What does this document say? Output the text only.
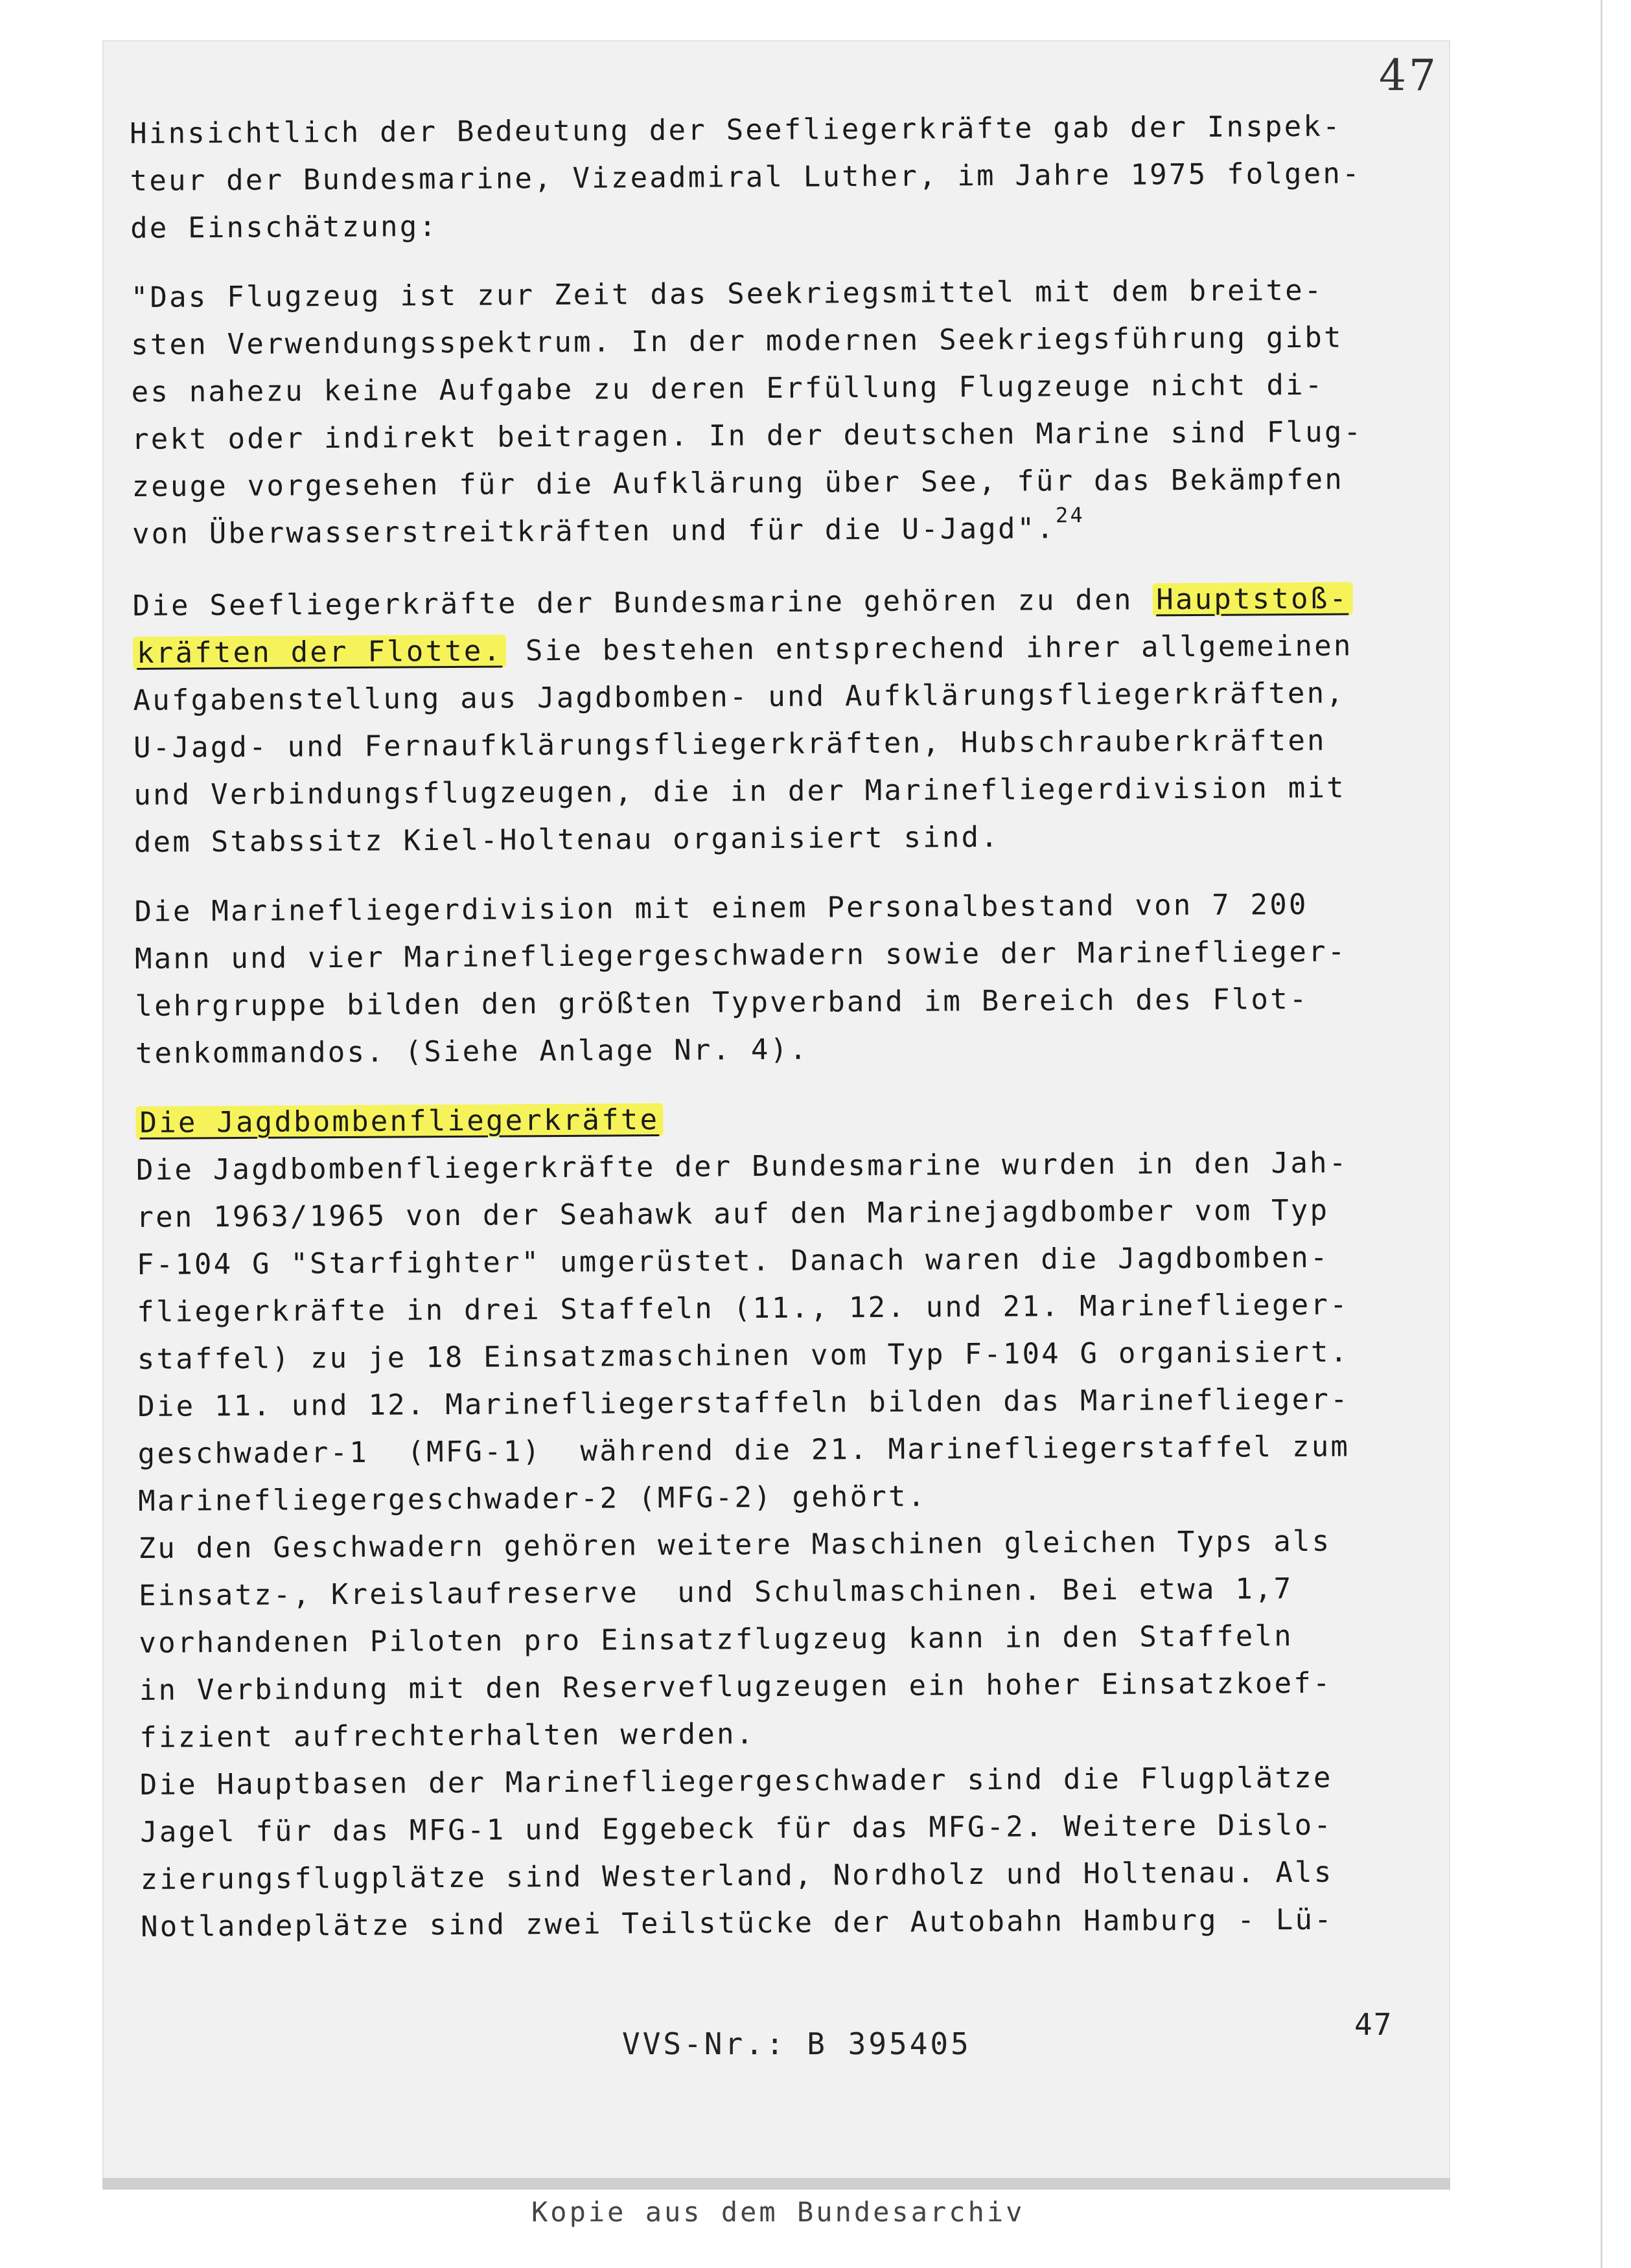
47
Hinsichtlich der Bedeutung der Seefliegerkräfte gab der Inspek-
teur der Bundesmarine, Vizeadmiral Luther, im Jahre 1975 folgen-
de Einschätzung:
"Das Flugzeug ist zur Zeit das Seekriegsmittel mit dem breite-
sten Verwendungsspektrum. In der modernen Seekriegsführung gibt
es nahezu keine Aufgabe zu deren Erfüllung Flugzeuge nicht di-
rekt oder indirekt beitragen. In der deutschen Marine sind Flug-
zeuge vorgesehen für die Aufklärung über See, für das Bekämpfen
von Überwasserstreitkräften und für die U-Jagd".$^{24}$
Die Seefliegerkräfte der Bundesmarine gehören zu den Hauptstoß-
kräften der Flotte. Sie bestehen entsprechend ihrer allgemeinen
Aufgabenstellung aus Jagdbomben- und Aufklärungsfliegerkräften,
U-Jagd- und Fernaufklärungsfliegerkräften, Hubschrauberkräften
und Verbindungsflugzeugen, die in der Marinefliegerdivision mit
dem Stabssitz Kiel-Holtenau organisiert sind.
Die Marinefliegerdivision mit einem Personalbestand von 7 200
Mann und vier Marinefliegergeschwadern sowie der Marineflieger-
lehrgruppe bilden den größten Typverband im Bereich des Flot-
tenkommandos. (Siehe Anlage Nr. 4).
Die Jagdbombenfliegerkräfte
Die Jagdbombenfliegerkräfte der Bundesmarine wurden in den Jah-
ren 1963/1965 von der Seahawk auf den Marinejagdbomber vom Typ
F-104 G "Starfighter" umgerüstet. Danach waren die Jagdbomben-
fliegerkräfte in drei Staffeln (11., 12. und 21. Marineflieger-
staffel) zu je 18 Einsatzmaschinen vom Typ F-104 G organisiert.
Die 11. und 12. Marinefliegerstaffeln bilden das Marineflieger-
geschwader-1  (MFG-1)  während die 21. Marinefliegerstaffel zum
Marinefliegergeschwader-2 (MFG-2) gehört.
Zu den Geschwadern gehören weitere Maschinen gleichen Typs als
Einsatz-, Kreislaufreserve  und Schulmaschinen. Bei etwa 1,7
vorhandenen Piloten pro Einsatzflugzeug kann in den Staffeln
in Verbindung mit den Reserveflugzeugen ein hoher Einsatzkoef-
fizient aufrechterhalten werden.
Die Hauptbasen der Marinefliegergeschwader sind die Flugplätze
Jagel für das MFG-1 und Eggebeck für das MFG-2. Weitere Dislo-
zierungsflugplätze sind Westerland, Nordholz und Holtenau. Als
Notlandeplätze sind zwei Teilstücke der Autobahn Hamburg - Lü-
VVS-Nr.: B 395405
47
Kopie aus dem Bundesarchiv
